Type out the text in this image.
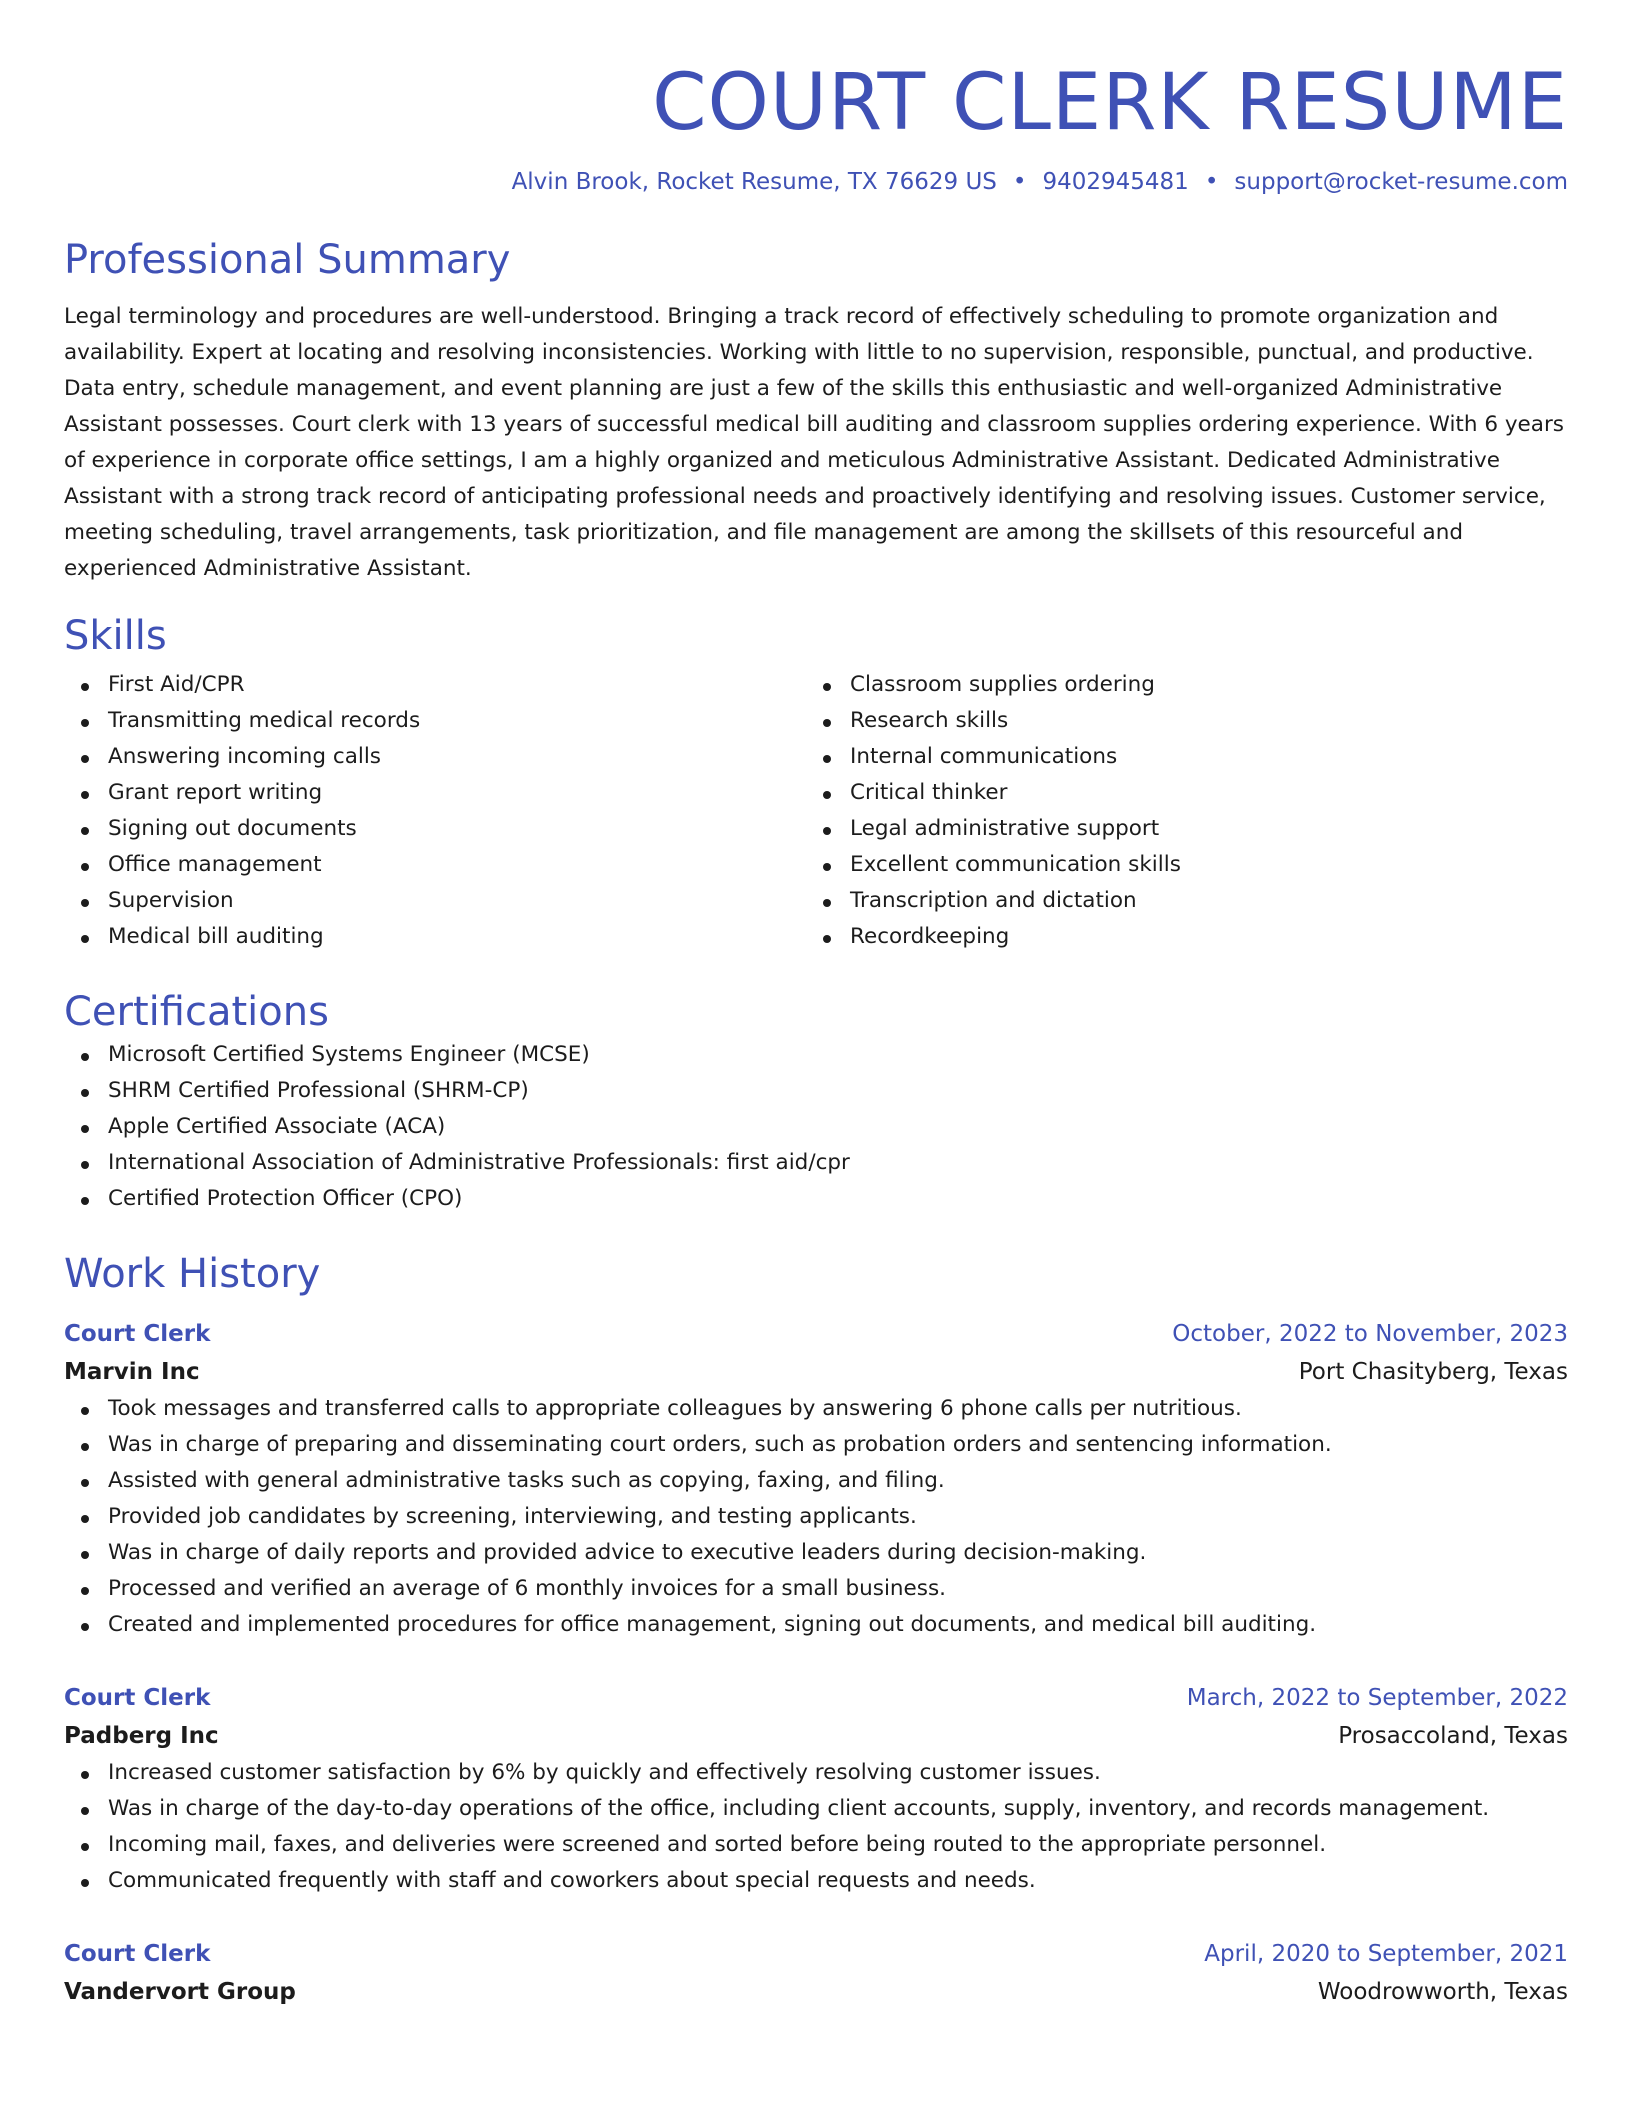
COURT CLERK RESUME
Alvin Brook, Rocket Resume, TX 76629 US • 9402945481 • support@rocket-resume.com
Professional Summary

Legal terminology and procedures are well-understood. Bringing a track record of effectively scheduling to promote organization and availability. Expert at locating and resolving inconsistencies. Working with little to no supervision, responsible, punctual, and productive. Data entry, schedule management, and event planning are just a few of the skills this enthusiastic and well-organized Administrative Assistant possesses. Court clerk with 13 years of successful medical bill auditing and classroom supplies ordering experience. With 6 years of experience in corporate office settings, I am a highly organized and meticulous Administrative Assistant. Dedicated Administrative Assistant with a strong track record of anticipating professional needs and proactively identifying and resolving issues. Customer service, meeting scheduling, travel arrangements, task prioritization, and file management are among the skillsets of this resourceful and experienced Administrative Assistant.

Skills
First Aid/CPR
Transmitting medical records
Answering incoming calls
Grant report writing
Signing out documents
Office management
Supervision
Medical bill auditing
Classroom supplies ordering
Research skills
Internal communications
Critical thinker
Legal administrative support
Excellent communication skills
Transcription and dictation
Recordkeeping
Certifications
Microsoft Certified Systems Engineer (MCSE)
SHRM Certified Professional (SHRM-CP)
Apple Certified Associate (ACA)
International Association of Administrative Professionals: first aid/cpr
Certified Protection Officer (CPO)
Work History
Court Clerk	October, 2022 to November, 2023
Marvin Inc	Port Chasityberg, Texas
Took messages and transferred calls to appropriate colleagues by answering 6 phone calls per nutritious.
Was in charge of preparing and disseminating court orders, such as probation orders and sentencing information.
Assisted with general administrative tasks such as copying, faxing, and filing.
Provided job candidates by screening, interviewing, and testing applicants.
Was in charge of daily reports and provided advice to executive leaders during decision-making.
Processed and verified an average of 6 monthly invoices for a small business.
Created and implemented procedures for office management, signing out documents, and medical bill auditing.
Court Clerk	March, 2022 to September, 2022
Padberg Inc	Prosaccoland, Texas
Increased customer satisfaction by 6% by quickly and effectively resolving customer issues.
Was in charge of the day-to-day operations of the office, including client accounts, supply, inventory, and records management.
Incoming mail, faxes, and deliveries were screened and sorted before being routed to the appropriate personnel.
Communicated frequently with staff and coworkers about special requests and needs.
Court Clerk	April, 2020 to September, 2021
Vandervort Group	Woodrowworth, Texas
